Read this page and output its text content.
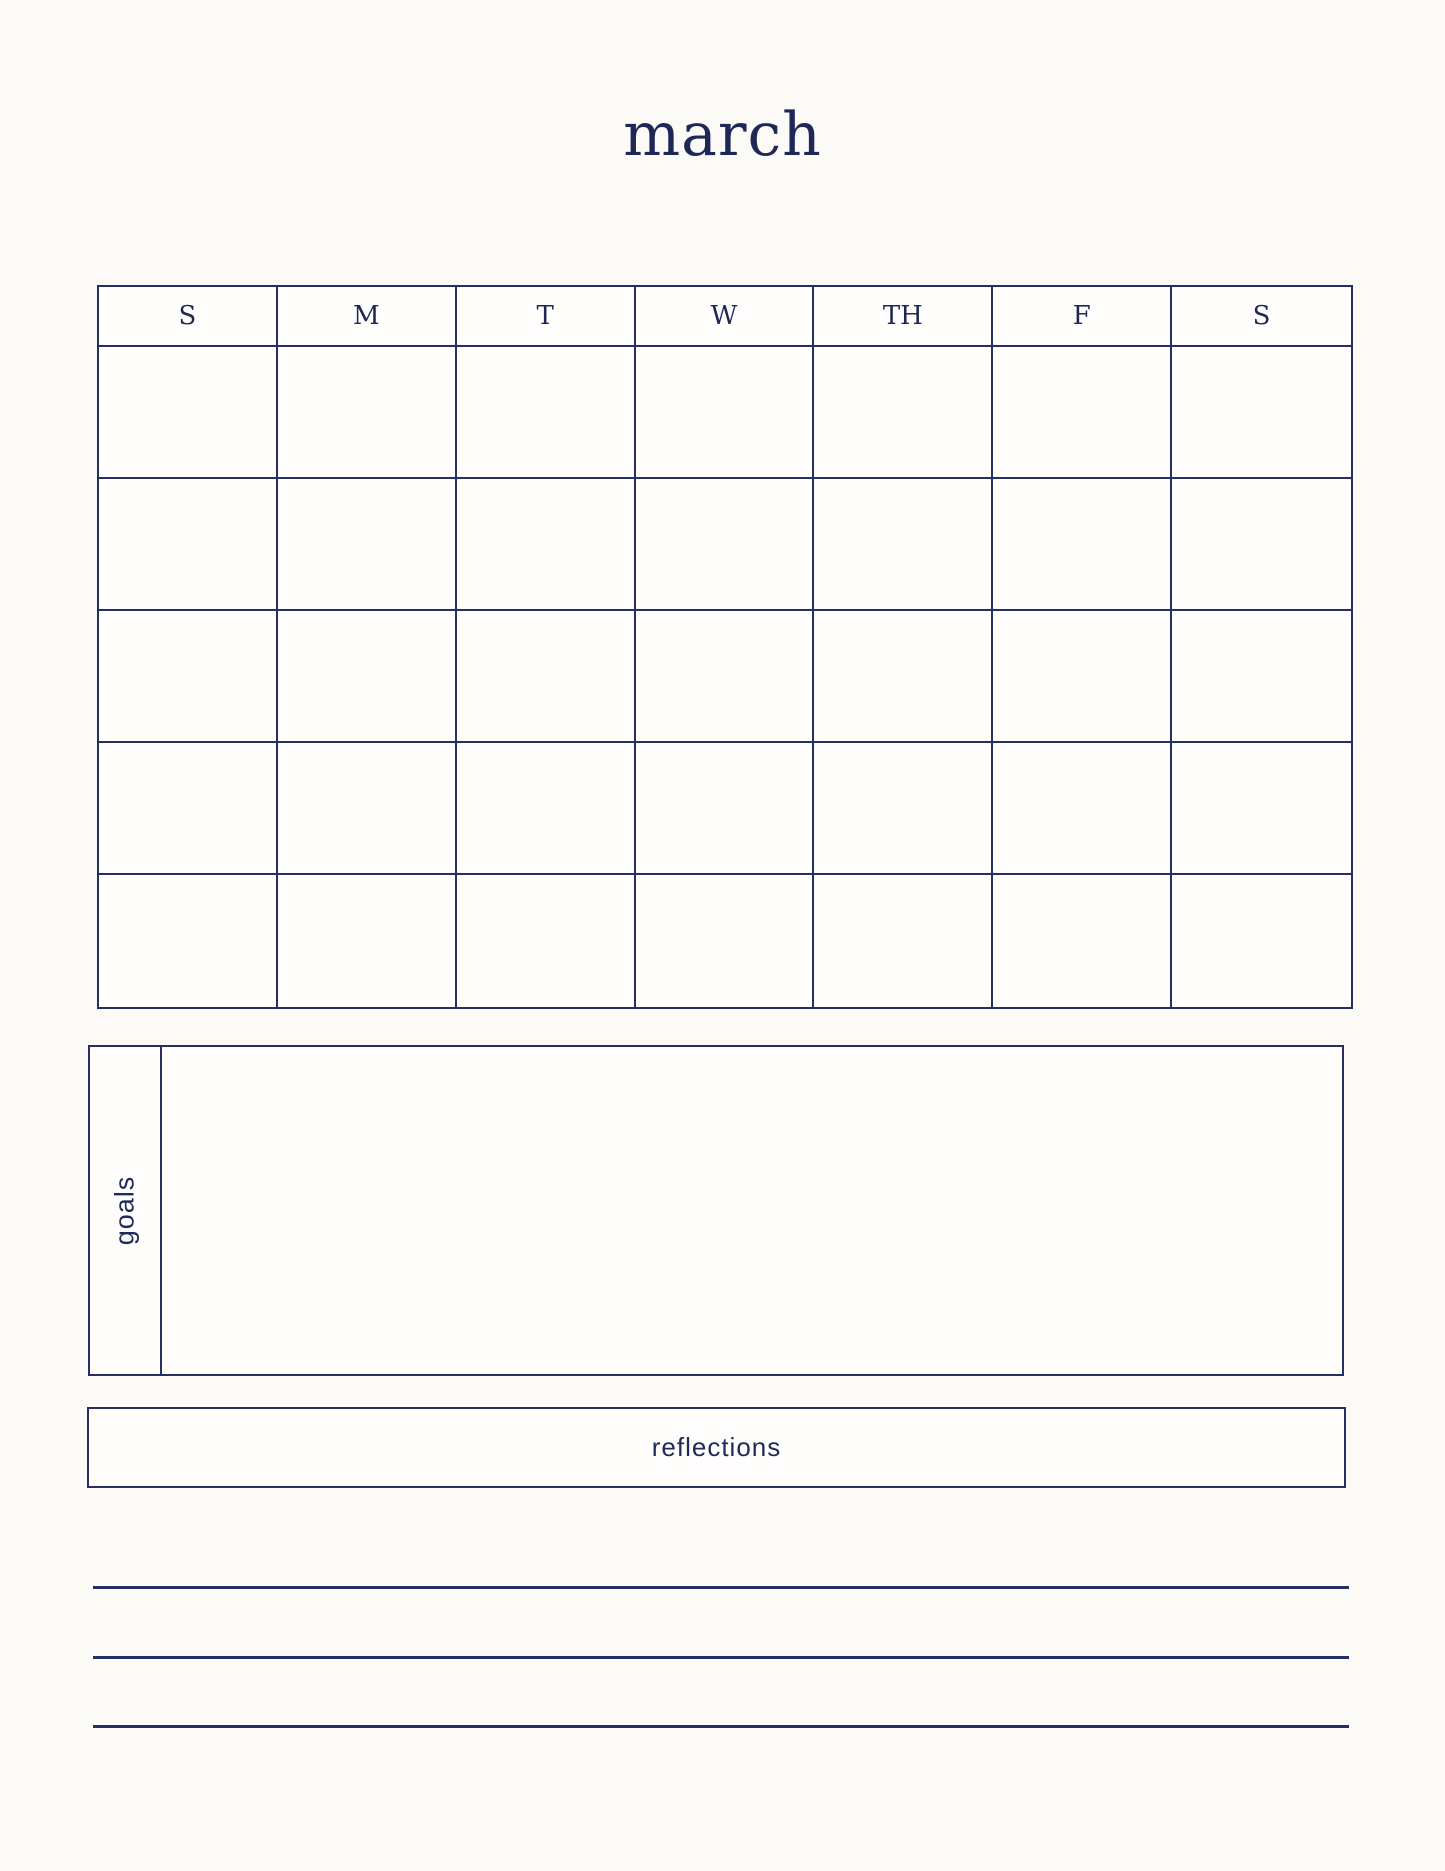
march
S	M	T	W	TH	F	S
goals
reflections
